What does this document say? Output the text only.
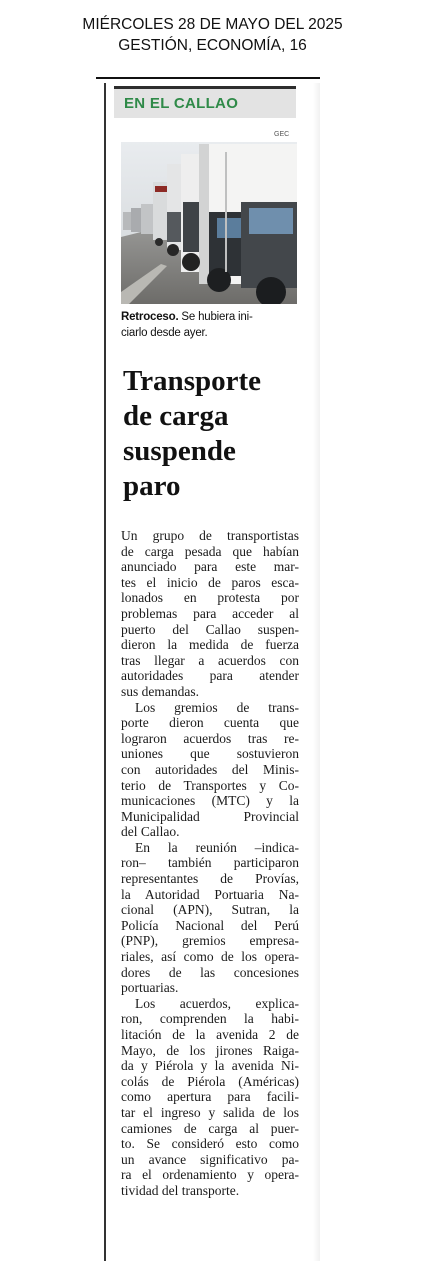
MIÉRCOLES 28 DE MAYO DEL 2025
GESTIÓN, ECONOMÍA, 16
EN EL CALLAO
GEC
Retroceso. Se hubiera ini-
ciarlo desde ayer.
Transporte
de carga
suspende
paro

Un grupo de transportistas
de carga pesada que habían
anunciado para este mar-
tes el inicio de paros esca-
lonados en protesta por
problemas para acceder al
puerto del Callao suspen-
dieron la medida de fuerza
tras llegar a acuerdos con
autoridades para atender
sus demandas.

Los gremios de trans-
porte dieron cuenta que
lograron acuerdos tras re-
uniones que sostuvieron
con autoridades del Minis-
terio de Transportes y Co-
municaciones (MTC) y la
Municipalidad Provincial
del Callao.

En la reunión –indica-
ron– también participaron
representantes de Provías,
la Autoridad Portuaria Na-
cional (APN), Sutran, la
Policía Nacional del Perú
(PNP), gremios empresa-
riales, así como de los opera-
dores de las concesiones
portuarias.

Los acuerdos, explica-
ron, comprenden la habi-
litación de la avenida 2 de
Mayo, de los jirones Raiga-
da y Piérola y la avenida Ni-
colás de Piérola (Américas)
como apertura para facili-
tar el ingreso y salida de los
camiones de carga al puer-
to. Se consideró esto como
un avance significativo pa-
ra el ordenamiento y opera-
tividad del transporte.
